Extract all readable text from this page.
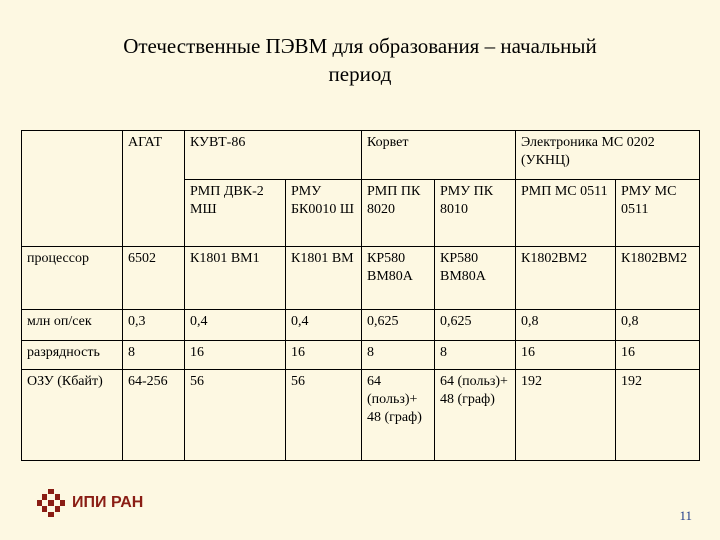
Отечественные ПЭВМ для образования – начальный
период
	АГАТ	КУВТ-86		Корвет		Электроника МС 0202 (УКНЦ)	
		РМП ДВК-2 МШ	РМУ БК0010 Ш	РМП ПК 8020	РМУ ПК 8010	РМП МС 0511	РМУ МС 0511
процессор	6502	К1801 ВМ1	К1801 ВМ	КР580 ВМ80А	КР580 ВМ80А	К1802ВМ2	К1802ВМ2
млн оп/сек	0,3	0,4	0,4	0,625	0,625	0,8	0,8
разрядность	8	16	16	8	8	16	16
ОЗУ (Кбайт)	64-256	56	56	64 (польз)+ 48 (граф)	64 (польз)+ 48 (граф)	192	192
ИПИ РАН
11
